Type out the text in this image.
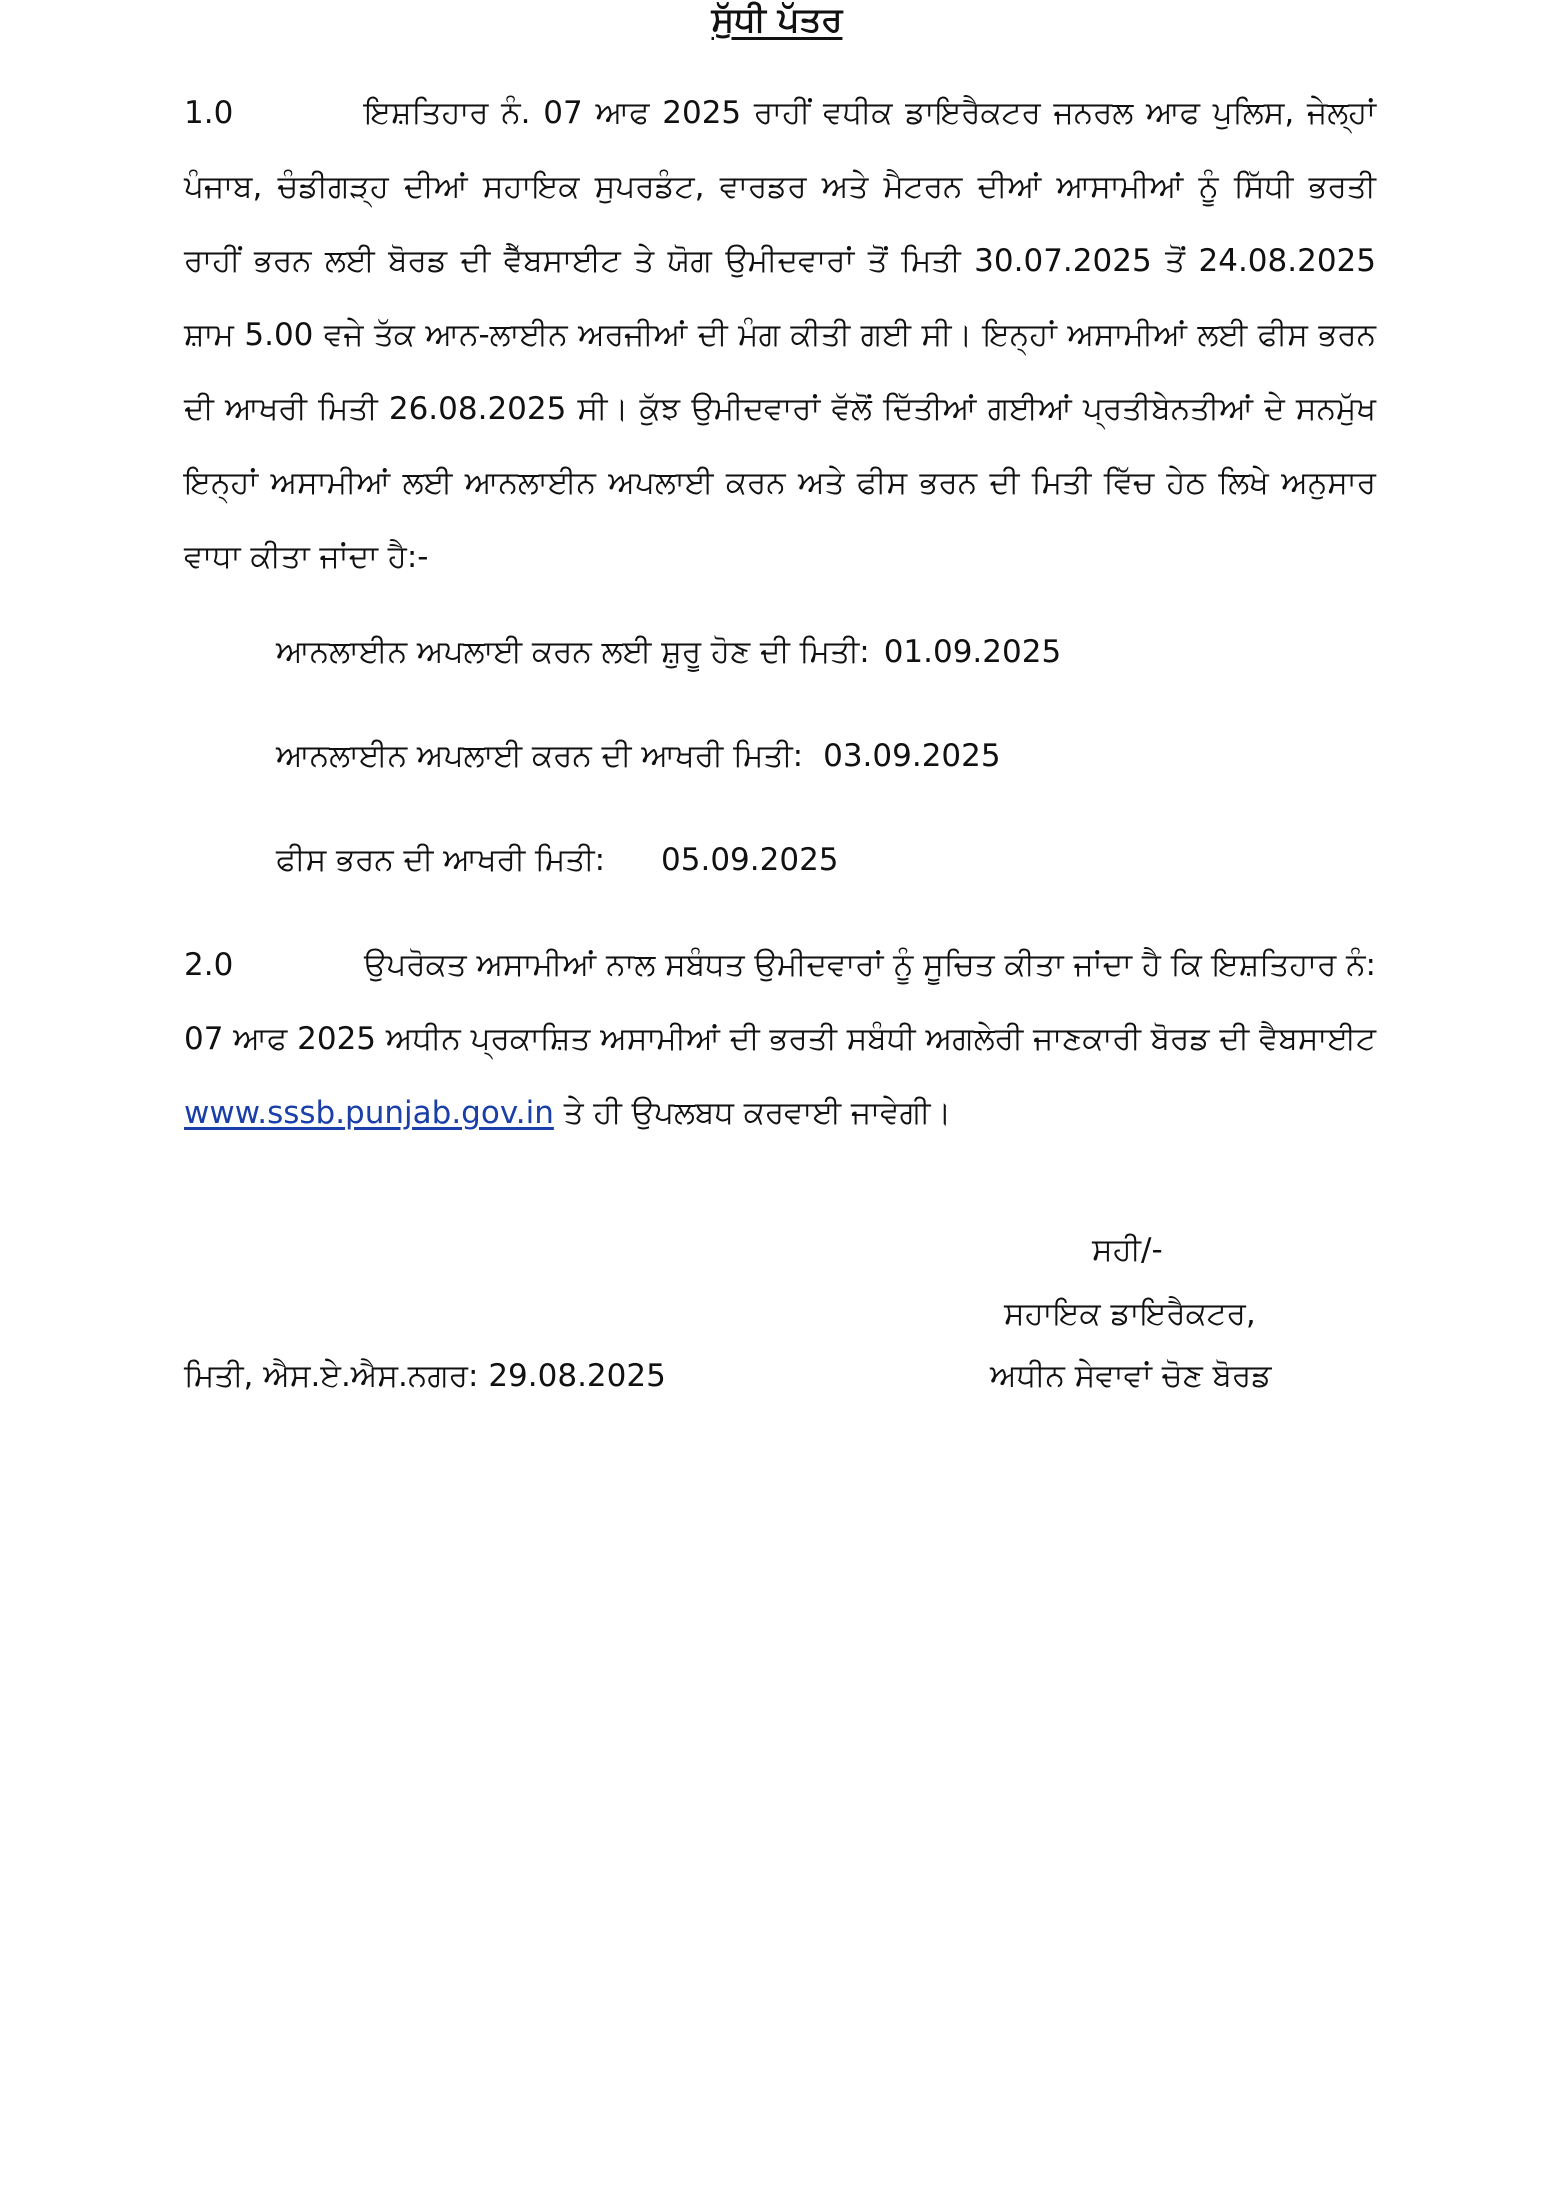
ਸੁੱਧੀ ਪੱਤਰ
1.0	ਇਸ਼ਤਿਹਾਰ ਨੰ. 07 ਆਫ 2025 ਰਾਹੀਂ ਵਧੀਕ ਡਾਇਰੈਕਟਰ ਜਨਰਲ ਆਫ ਪੁਲਿਸ, ਜੇਲ੍ਹਾਂ ਪੰਜਾਬ, ਚੰਡੀਗੜ੍ਹ ਦੀਆਂ ਸਹਾਇਕ ਸੁਪਰਡੰਟ, ਵਾਰਡਰ ਅਤੇ ਮੈਟਰਨ ਦੀਆਂ ਆਸਾਮੀਆਂ ਨੂੰ ਸਿੱਧੀ ਭਰਤੀ ਰਾਹੀਂ ਭਰਨ ਲਈ ਬੋਰਡ ਦੀ ਵੈੱਬਸਾਈਟ ਤੇ ਯੋਗ ਉਮੀਦਵਾਰਾਂ ਤੋਂ ਮਿਤੀ 30.07.2025 ਤੋਂ 24.08.2025 ਸ਼ਾਮ 5.00 ਵਜੇ ਤੱਕ ਆਨ-ਲਾਈਨ ਅਰਜੀਆਂ ਦੀ ਮੰਗ ਕੀਤੀ ਗਈ ਸੀ। ਇਨ੍ਹਾਂ ਅਸਾਮੀਆਂ ਲਈ ਫੀਸ ਭਰਨ ਦੀ ਆਖਰੀ ਮਿਤੀ 26.08.2025 ਸੀ। ਕੁੱਝ ਉਮੀਦਵਾਰਾਂ ਵੱਲੋਂ ਦਿੱਤੀਆਂ ਗਈਆਂ ਪ੍ਰਤੀਬੇਨਤੀਆਂ ਦੇ ਸਨਮੁੱਖ ਇਨ੍ਹਾਂ ਅਸਾਮੀਆਂ ਲਈ ਆਨਲਾਈਨ ਅਪਲਾਈ ਕਰਨ ਅਤੇ ਫੀਸ ਭਰਨ ਦੀ ਮਿਤੀ ਵਿੱਚ ਹੇਠ ਲਿਖੇ ਅਨੁਸਾਰ ਵਾਧਾ ਕੀਤਾ ਜਾਂਦਾ ਹੈ:-
ਆਨਲਾਈਨ ਅਪਲਾਈ ਕਰਨ ਲਈ ਸ਼ੁਰੂ ਹੋਣ ਦੀ ਮਿਤੀ: 01.09.2025
ਆਨਲਾਈਨ ਅਪਲਾਈ ਕਰਨ ਦੀ ਆਖਰੀ ਮਿਤੀ: 03.09.2025
ਫੀਸ ਭਰਨ ਦੀ ਆਖਰੀ ਮਿਤੀ: 05.09.2025
2.0	ਉਪਰੋਕਤ ਅਸਾਮੀਆਂ ਨਾਲ ਸਬੰਧਤ ਉਮੀਦਵਾਰਾਂ ਨੂੰ ਸੂਚਿਤ ਕੀਤਾ ਜਾਂਦਾ ਹੈ ਕਿ ਇਸ਼ਤਿਹਾਰ ਨੰ: 07 ਆਫ 2025 ਅਧੀਨ ਪ੍ਰਕਾਸ਼ਿਤ ਅਸਾਮੀਆਂ ਦੀ ਭਰਤੀ ਸਬੰਧੀ ਅਗਲੇਰੀ ਜਾਣਕਾਰੀ ਬੋਰਡ ਦੀ ਵੈਬਸਾਈਟ www.sssb.punjab.gov.in ਤੇ ਹੀ ਉਪਲਬਧ ਕਰਵਾਈ ਜਾਵੇਗੀ।
ਸਹੀ/-
ਸਹਾਇਕ ਡਾਇਰੈਕਟਰ,
ਮਿਤੀ, ਐਸ.ਏ.ਐਸ.ਨਗਰ: 29.08.2025	ਅਧੀਨ ਸੇਵਾਵਾਂ ਚੋਣ ਬੋਰਡ
